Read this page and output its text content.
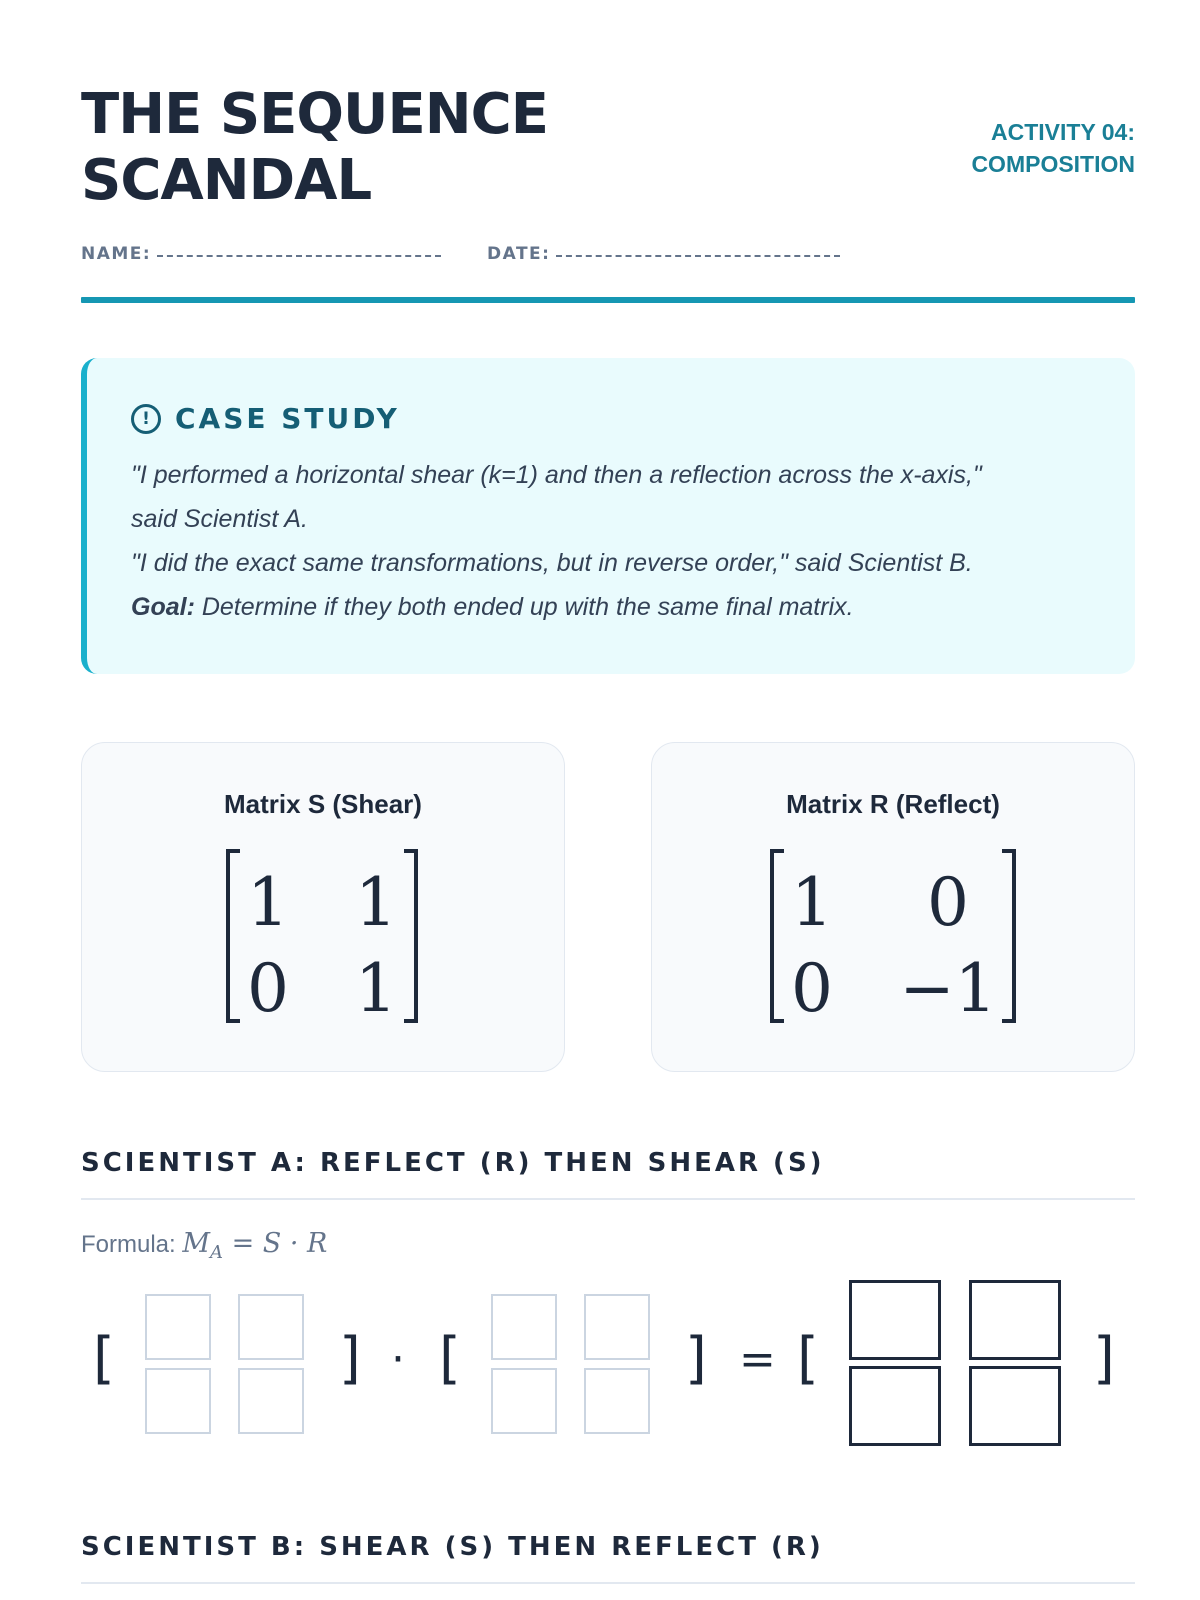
THE SEQUENCE
SCANDAL
ACTIVITY 04:
COMPOSITION
NAME:	DATE:
! CASE STUDY

"I performed a horizontal shear (k=1) and then a reflection across the x-axis,"
said Scientist A.
"I did the exact same transformations, but in reverse order," said Scientist B.
Goal: Determine if they both ended up with the same final matrix.

Matrix S (Shear)
1 1
0 1
Matrix R (Reflect)
1 0
0 −1
SCIENTIST A: REFLECT (R) THEN SHEAR (S)
Formula: $M_A = S \cdot R$
[	] · [	] = [	]
SCIENTIST B: SHEAR (S) THEN REFLECT (R)
